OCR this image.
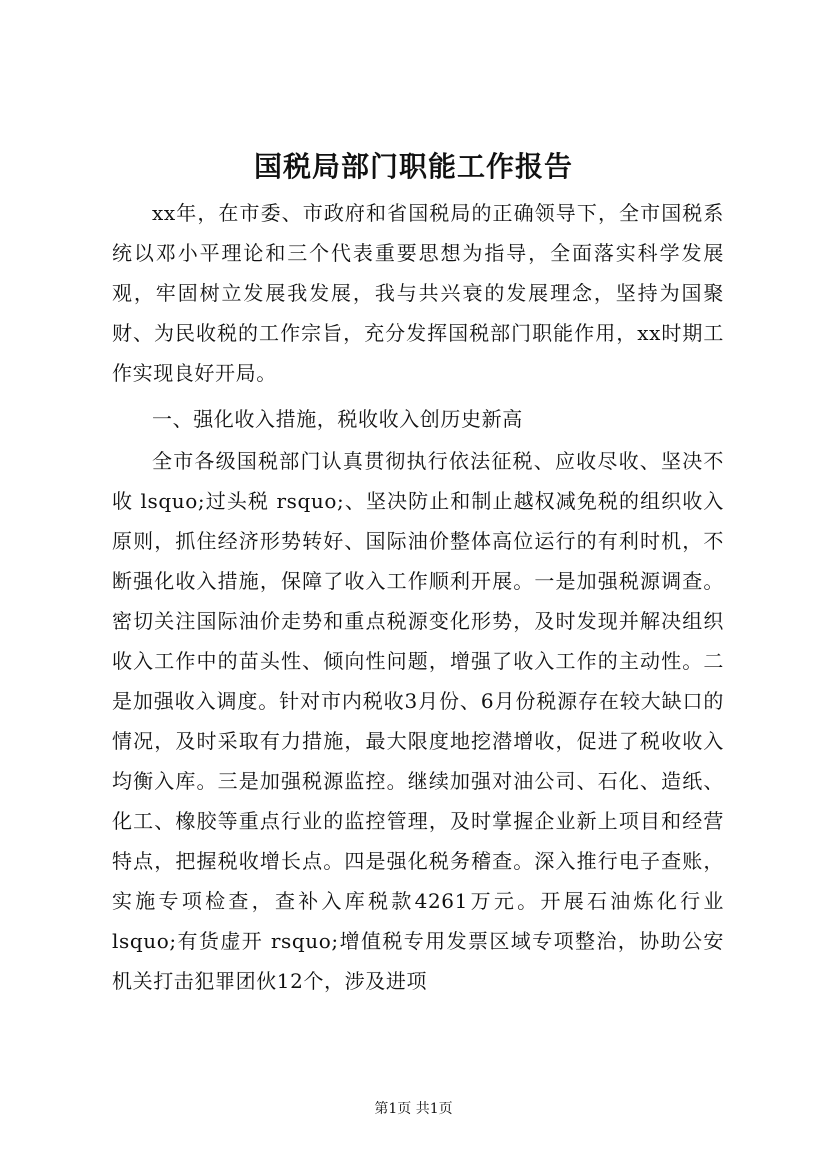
国税局部门职能工作报告

xx年，在市委、市政府和省国税局的正确领导下，全市国税系统以邓小平理论和三个代表重要思想为指导，全面落实科学发展观，牢固树立发展我发展，我与共兴衰的发展理念，坚持为国聚财、为民收税的工作宗旨，充分发挥国税部门职能作用，xx时期工作实现良好开局。

一、强化收入措施，税收收入创历史新高

全市各级国税部门认真贯彻执行依法征税、应收尽收、坚决不收 lsquo;过头税 rsquo;、坚决防止和制止越权减免税的组织收入原则，抓住经济形势转好、国际油价整体高位运行的有利时机，不断强化收入措施，保障了收入工作顺利开展。一是加强税源调查。密切关注国际油价走势和重点税源变化形势，及时发现并解决组织收入工作中的苗头性、倾向性问题，增强了收入工作的主动性。二是加强收入调度。针对市内税收3月份、6月份税源存在较大缺口的情况，及时采取有力措施，最大限度地挖潜增收，促进了税收收入均衡入库。三是加强税源监控。继续加强对油公司、石化、造纸、化工、橡胶等重点行业的监控管理，及时掌握企业新上项目和经营特点，把握税收增长点。四是强化税务稽查。深入推行电子查账，实施专项检查，查补入库税款4261万元。开展石油炼化行业 lsquo;有货虚开 rsquo;增值税专用发票区域专项整治，协助公安机关打击犯罪团伙12个，涉及进项

第1页 共1页
